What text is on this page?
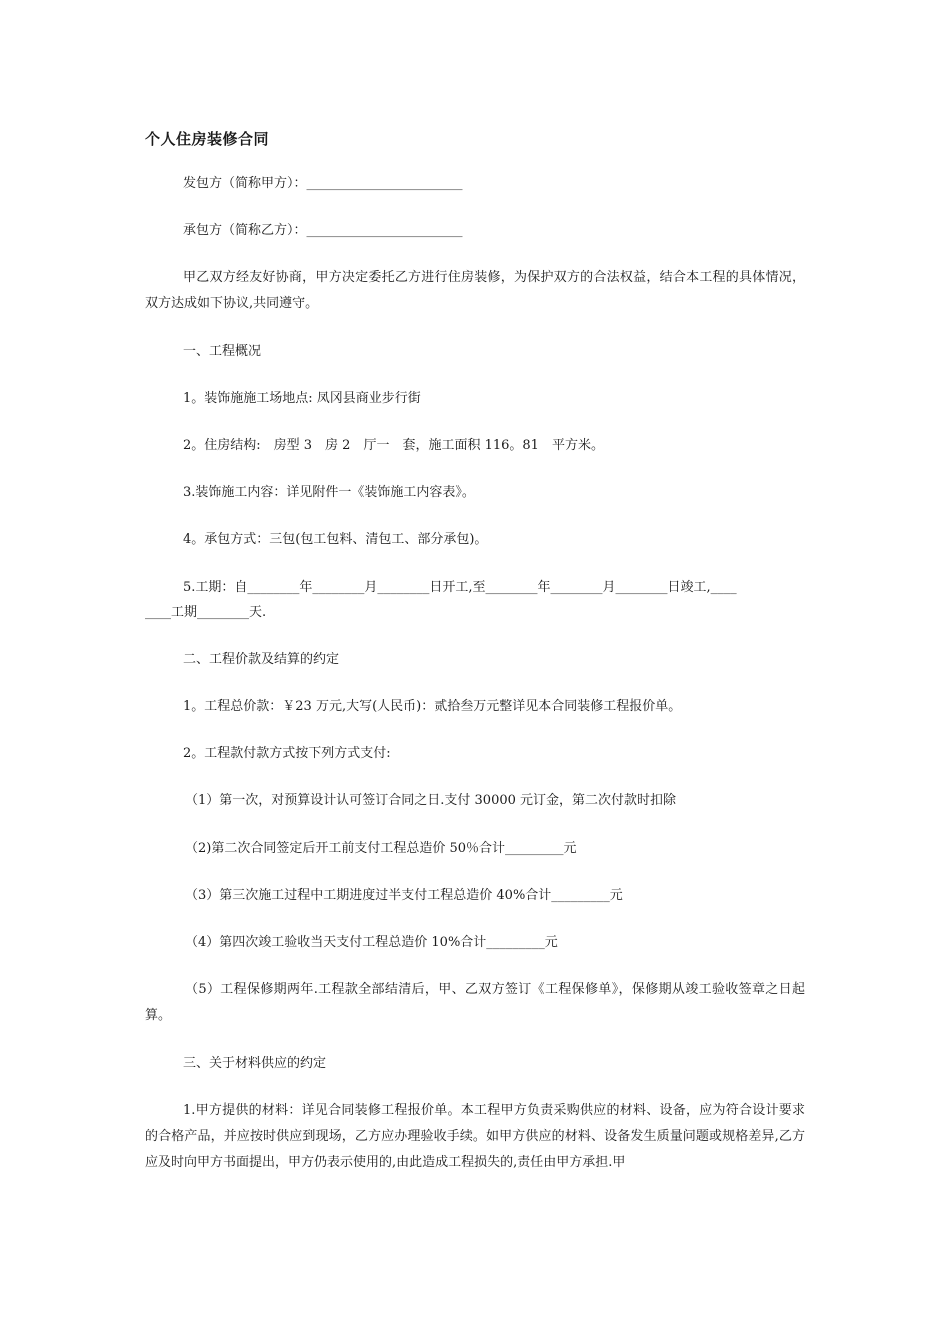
个人住房装修合同
发包方（简称甲方）：________________________
承包方（简称乙方）：________________________
甲乙双方经友好协商，甲方决定委托乙方进行住房装修，为保护双方的合法权益，结合本工程的具体情况，双方达成如下协议,共同遵守。
一、工程概况
1。装饰施施工场地点: 凤冈县商业步行街
2。住房结构:　房型 3　房 2　厅一　套，施工面积 116。81　平方米。
3.装饰施工内容：详见附件一《装饰施工内容表》。
4。承包方式：三包(包工包料、清包工、部分承包)。
5.工期：自________年________月________日开工,至________年________月________日竣工,____
____工期________天.
二、工程价款及结算的约定
1。工程总价款：￥23 万元,大写(人民币)：贰拾叁万元整详见本合同装修工程报价单。
2。工程款付款方式按下列方式支付:
（1）第一次，对预算设计认可签订合同之日.支付 30000 元订金，第二次付款时扣除
（2)第二次合同签定后开工前支付工程总造价 50％合计_________元
（3）第三次施工过程中工期进度过半支付工程总造价 40%合计_________元
（4）第四次竣工验收当天支付工程总造价 10%合计_________元
（5）工程保修期两年.工程款全部结清后，甲、乙双方签订《工程保修单》，保修期从竣工验收签章之日起算。
三、关于材料供应的约定
1.甲方提供的材料：详见合同装修工程报价单。本工程甲方负责采购供应的材料、设备，应为符合设计要求的合格产品，并应按时供应到现场，乙方应办理验收手续。如甲方供应的材料、设备发生质量问题或规格差异,乙方应及时向甲方书面提出，甲方仍表示使用的,由此造成工程损失的,责任由甲方承担.甲
